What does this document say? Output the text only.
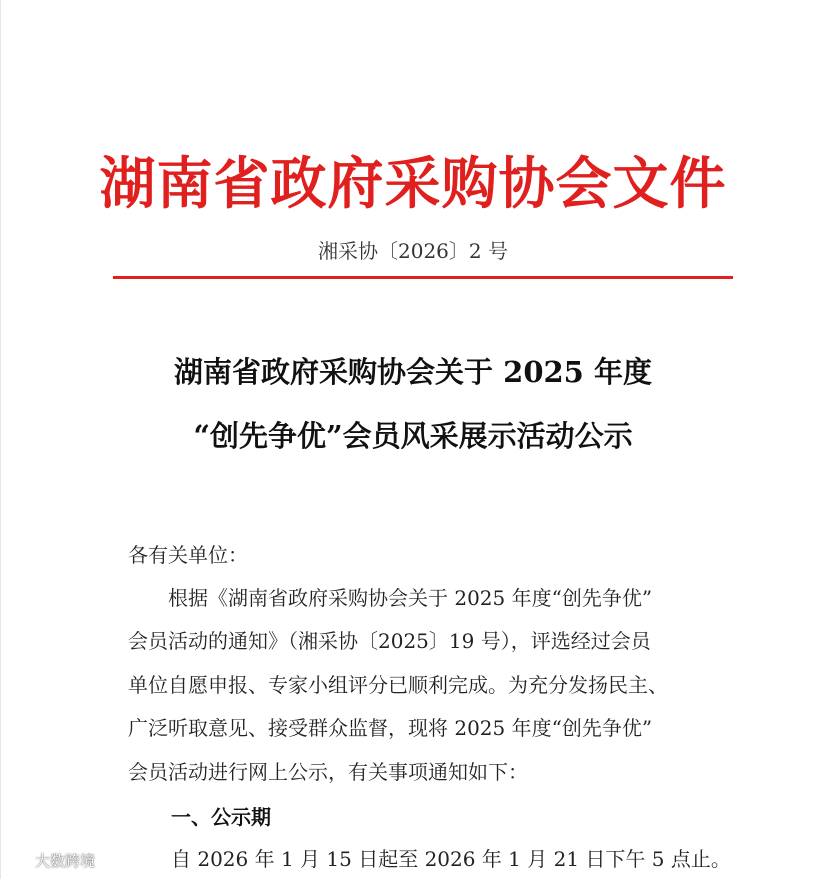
湖南省政府采购协会文件
湘采协〔2026〕2 号
湖南省政府采购协会关于 2025 年度
“创先争优”会员风采展示活动公示
各有关单位：
　　根据《湖南省政府采购协会关于 2025 年度“创先争优”
会员活动的通知》（湘采协〔2025〕19 号），评选经过会员
单位自愿申报、专家小组评分已顺利完成。为充分发扬民主、
广泛听取意见、接受群众监督，现将 2025 年度“创先争优”
会员活动进行网上公示，有关事项通知如下：
一、公示期
自 2026 年 1 月 15 日起至 2026 年 1 月 21 日下午 5 点止。
大数跨境
